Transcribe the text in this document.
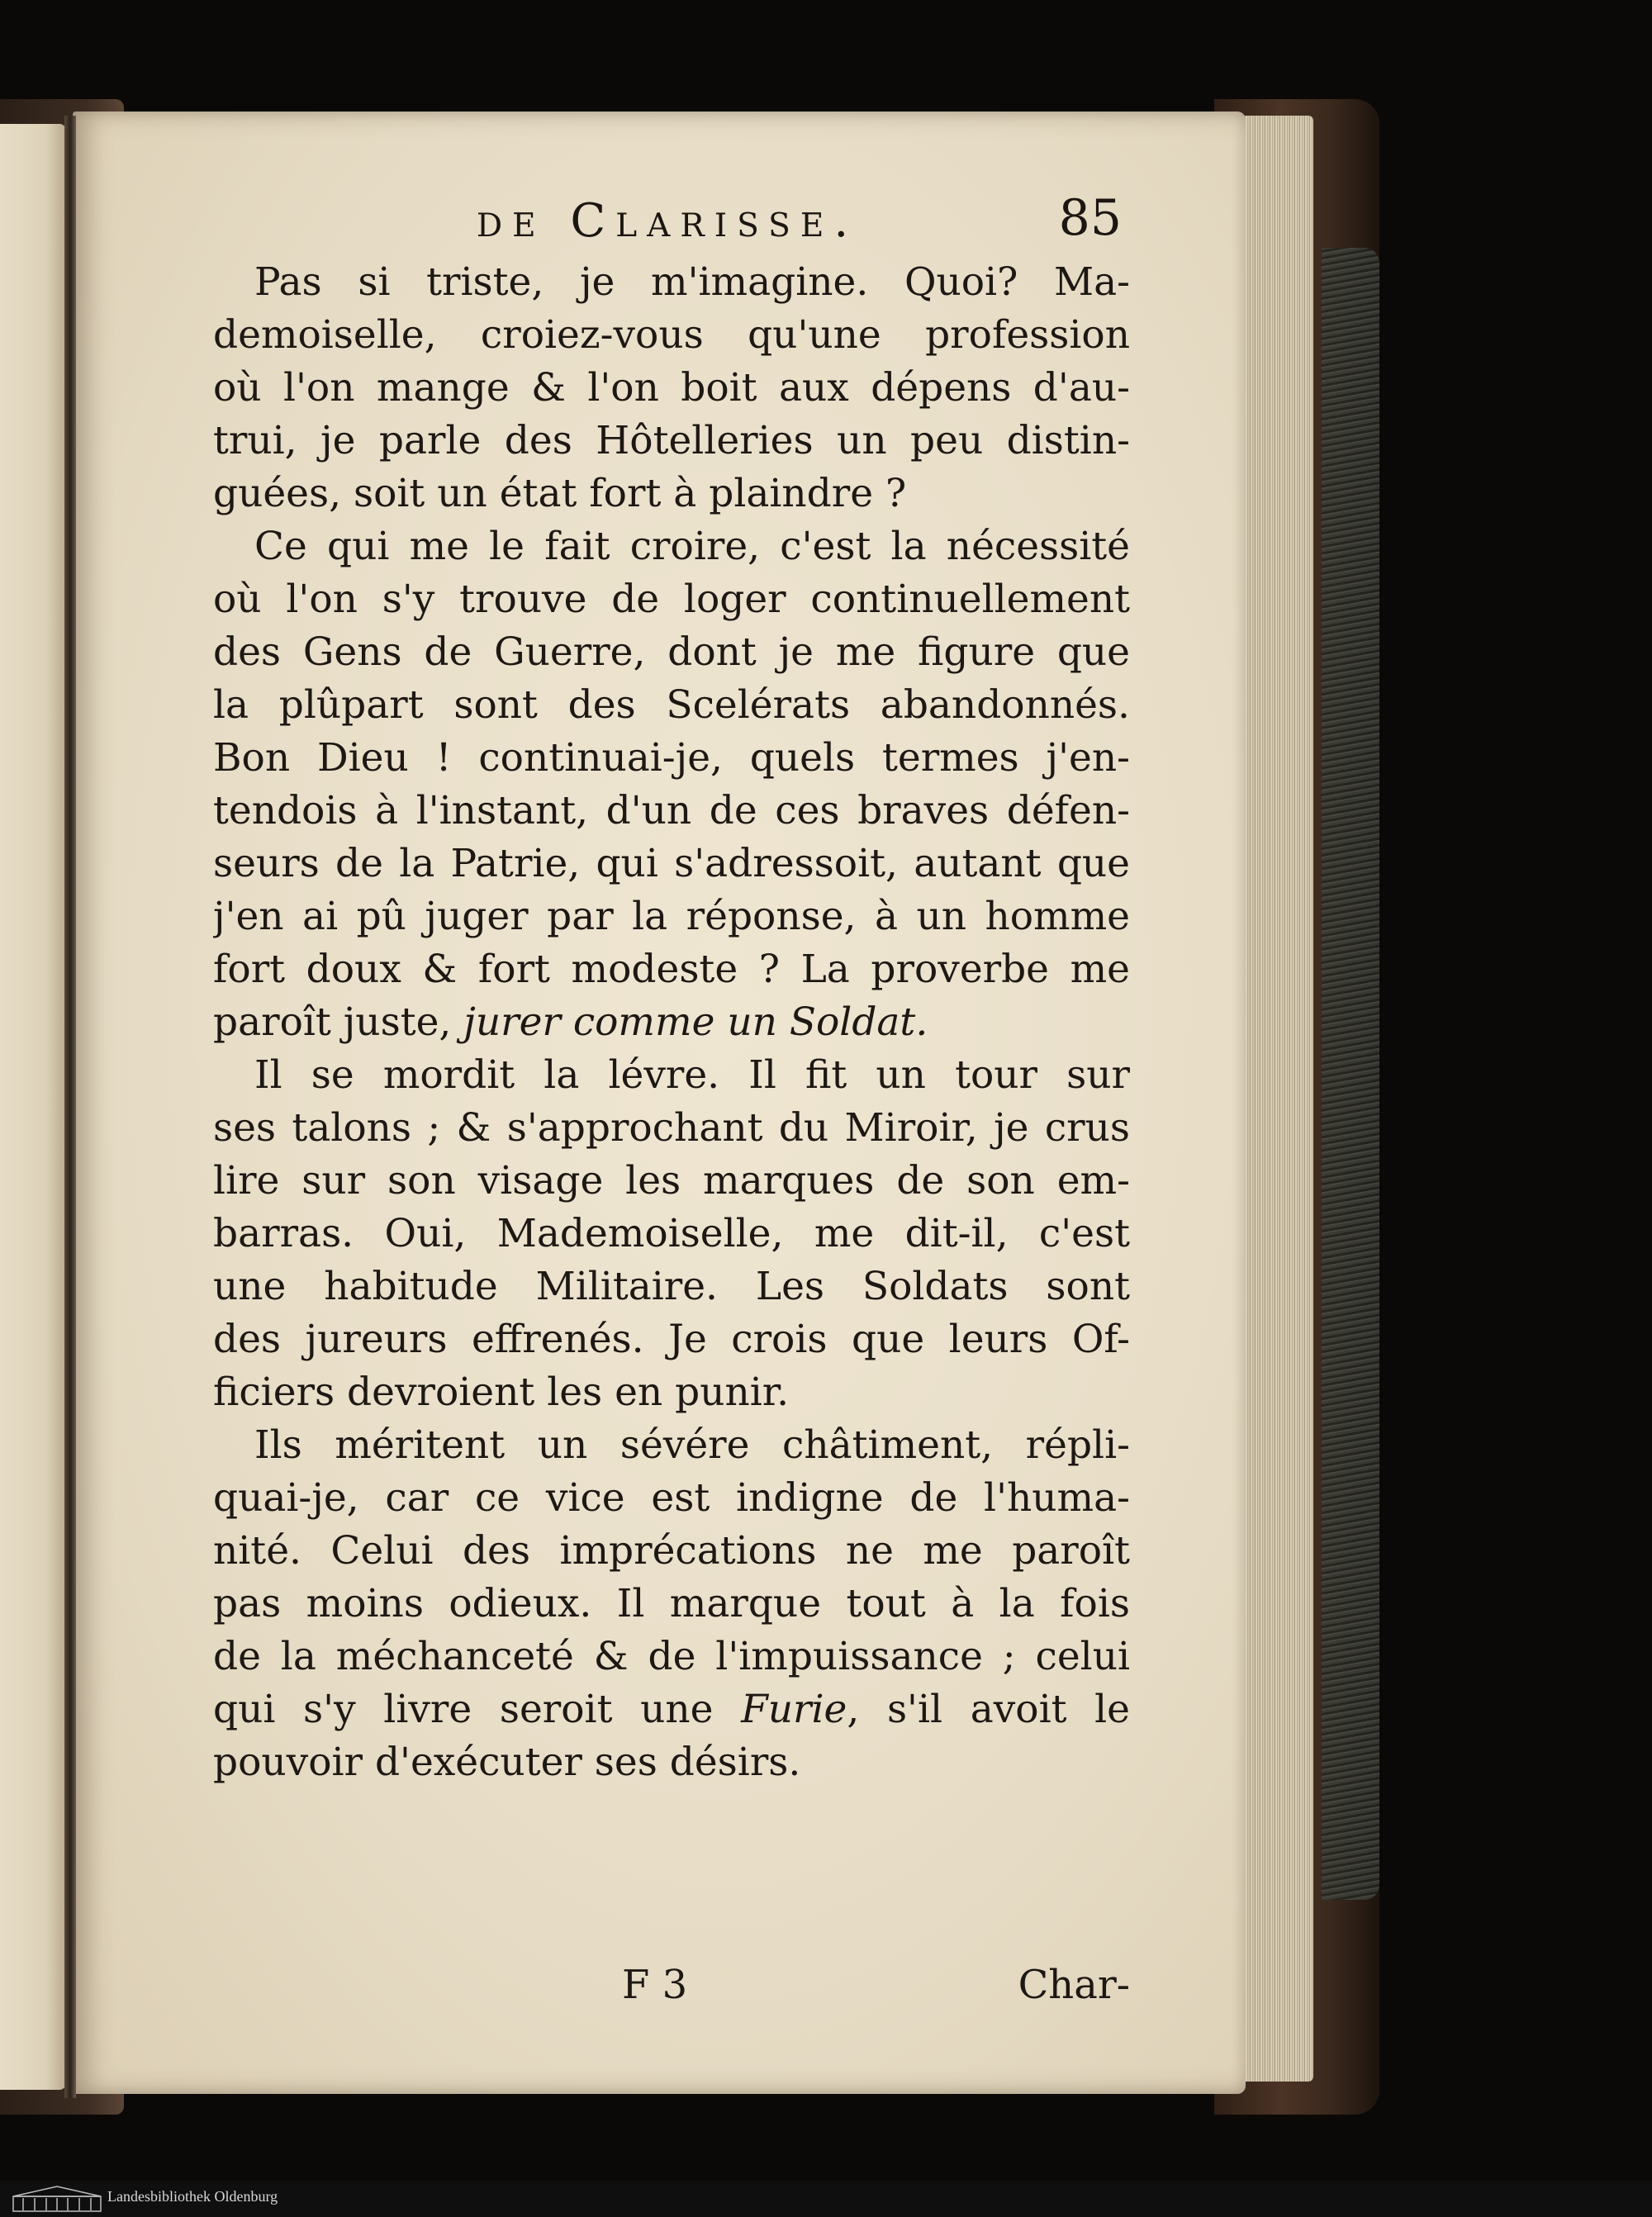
de Clarisse.	85
Pas si triste, je m'imagine. Quoi? Ma-
demoiselle, croiez-vous qu'une profession
où l'on mange & l'on boit aux dépens d'au-
trui, je parle des Hôtelleries un peu distin-
guées, soit un état fort à plaindre ?
Ce qui me le fait croire, c'est la nécessité
où l'on s'y trouve de loger continuellement
des Gens de Guerre, dont je me figure que
la plûpart sont des Scelérats abandonnés.
Bon Dieu ! continuai-je, quels termes j'en-
tendois à l'instant, d'un de ces braves défen-
seurs de la Patrie, qui s'adressoit, autant que
j'en ai pû juger par la réponse, à un homme
fort doux & fort modeste ? La proverbe me
paroît juste, jurer comme un Soldat.
Il se mordit la lévre. Il fit un tour sur
ses talons ; & s'approchant du Miroir, je crus
lire sur son visage les marques de son em-
barras. Oui, Mademoiselle, me dit-il, c'est
une habitude Militaire. Les Soldats sont
des jureurs effrenés. Je crois que leurs Of-
ficiers devroient les en punir.
Ils méritent un sévére châtiment, répli-
quai-je, car ce vice est indigne de l'huma-
nité. Celui des imprécations ne me paroît
pas moins odieux. Il marque tout à la fois
de la méchanceté & de l'impuissance ; celui
qui s'y livre seroit une Furie, s'il avoit le
pouvoir d'exécuter ses désirs.
F 3	Char-
Landesbibliothek Oldenburg
